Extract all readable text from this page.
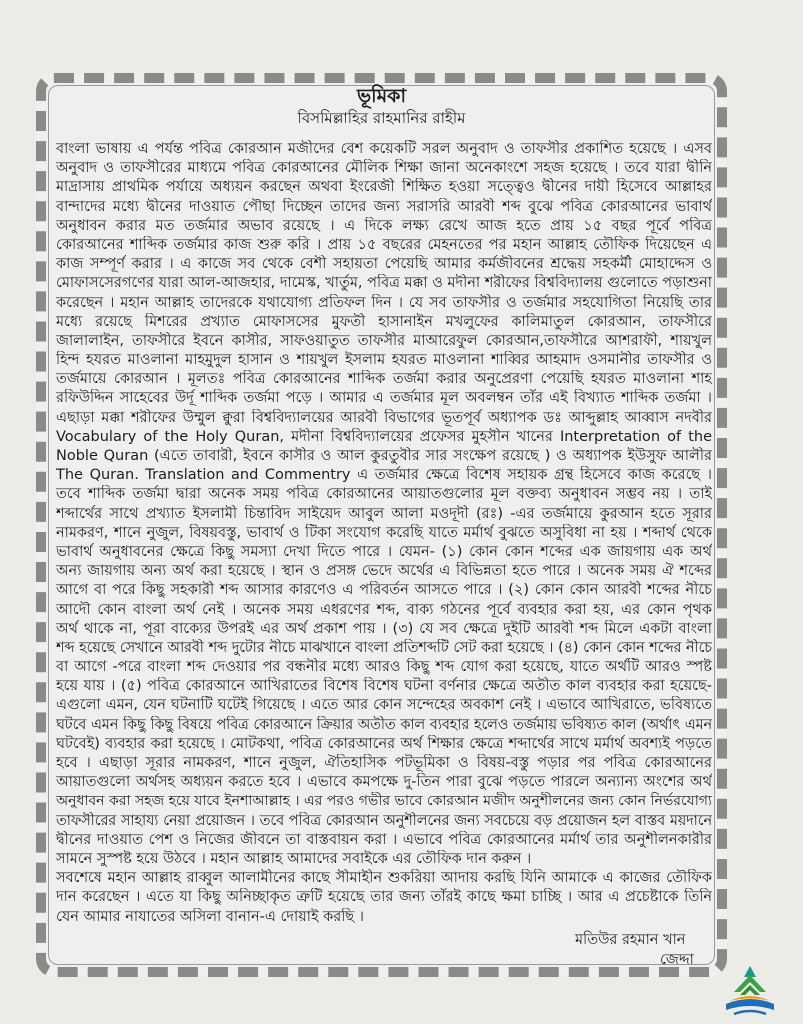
ভূমিকা
বিসমিল্লাহির রাহমানির রাহীম
বাংলা ভাষায় এ পর্যন্ত পবিত্র কোরআন মজীদের বেশ কয়েকটি সরল অনুবাদ ও তাফসীর প্রকাশিত হয়েছে । এসব
অনুবাদ ও তাফসীরের মাধ্যমে পবিত্র কোরআনের মৌলিক শিক্ষা জানা অনেকাংশে সহজ হয়েছে । তবে যারা দ্বীনি
মাদ্রাসায় প্রাথমিক পর্যায়ে অধ্যয়ন করছেন অথবা ইংরেজী শিক্ষিত হওয়া সত্ত্বেও দ্বীনের দায়ী হিসেবে আল্লাহর
বান্দাদের মধ্যে দ্বীনের দাওয়াত পৌছা দিচ্ছেন তাদের জন্য সরাসরি আরবী শব্দ বুঝে পবিত্র কোরআনের ভাবার্থ
অনুধাবন করার মত তর্জমার অভাব রয়েছে । এ দিকে লক্ষ্য রেখে আজ হতে প্রায় ১৫ বছর পূর্বে পবিত্র
কোরআনের শাব্দিক তর্জমার কাজ শুরু করি । প্রায় ১৫ বছরের মেহনতের পর মহান আল্লাহ তৌফিক দিয়েছেন এ
কাজ সম্পূর্ণ করার । এ কাজে সব থেকে বেশী সহায়তা পেয়েছি আমার কর্মজীবনের শ্রদ্ধেয় সহকর্মী মোহাদ্দেস ও
মোফাসসেরগণের যারা আল-আজহার, দামেস্ক, খার্তুম, পবিত্র মক্কা ও মদীনা শরীফের বিশ্ববিদ্যালয় গুলোতে পড়াশুনা
করেছেন । মহান আল্লাহ তাদেরকে যথাযোগ্য প্রতিফল দিন । যে সব তাফসীর ও তর্জমার সহযোগিতা নিয়েছি তার
মধ্যে রয়েছে মিশরের প্রখ্যাত মোফাসসের মুফতী হাসানাইন মখলুফের কালিমাতুল কোরআন, তাফসীরে
জালালাইন, তাফসীরে ইবনে কাসীর, সাফওয়াতুত তাফসীর মাআরেফুল কোরআন,তাফসীরে আশরাফী, শায়খুল
হিন্দ হযরত মাওলানা মাহমুদুল হাসান ও শায়খুল ইসলাম হযরত মাওলানা শাব্বির আহমাদ ওসমানীর তাফসীর ও
তর্জমায়ে কোরআন । মূলতঃ পবিত্র কোরআনের শাব্দিক তর্জমা করার অনুপ্রেরণা পেয়েছি হযরত মাওলানা শাহ
রফিউদ্দিন সাহেবের উর্দূ শাব্দিক তর্জমা পড়ে । আমার এ তর্জমার মূল অবলম্বন তাঁর এই বিখ্যাত শাব্দিক তর্জমা ।
এছাড়া মক্কা শরীফের উম্মুল ক্বুরা বিশ্ববিদ্যালয়ের আরবী বিভাগের ভূতপূর্ব অধ্যাপক ডঃ আব্দুল্লাহ আব্বাস নদবীর
Vocabulary of the Holy Quran, মদীনা বিশ্ববিদ্যালয়ের প্রফেসর মুহসীন খানের Interpretation of the
Noble Quran (এতে তাবারী, ইবনে কাসীর ও আল কুরতুবীর সার সংক্ষেপ রয়েছে ) ও অধ্যাপক ইউসুফ আলীর
The Quran. Translation and Commentry এ তর্জমার ক্ষেত্রে বিশেষ সহায়ক গ্রন্থ হিসেবে কাজ করেছে ।
তবে শাব্দিক তর্জমা দ্বারা অনেক সময় পবিত্র কোরআনের আয়াতগুলোর মূল বক্তব্য অনুধাবন সম্ভব নয় । তাই
শব্দার্থের সাথে প্রখ্যাত ইসলামী চিন্তাবিদ সাইয়েদ আবুল আলা মওদূদী (রঃ) -এর তর্জমায়ে কুরআন হতে সূরার
নামকরণ, শানে নুজুল, বিষয়বস্তু, ভাবার্থ ও টিকা সংযোগ করেছি যাতে মর্মার্থ বুঝতে অসুবিধা না হয় । শব্দার্থ থেকে
ভাবার্থ অনুধাবনের ক্ষেত্রে কিছু সমস্যা দেখা দিতে পারে । যেমন- (১) কোন কোন শব্দের এক জায়গায় এক অর্থ
অন্য জায়গায় অন্য অর্থ করা হয়েছে । স্থান ও প্রসঙ্গ ভেদে অর্থের এ বিভিন্নতা হতে পারে । অনেক সময় ঐ শব্দের
আগে বা পরে কিছু সহকারী শব্দ আসার কারণেও এ পরিবর্তন আসতে পারে । (২) কোন কোন আরবী শব্দের নীচে
আদৌ কোন বাংলা অর্থ নেই । অনেক সময় এধরণের শব্দ, বাক্য গঠনের পূর্বে ব্যবহার করা হয়, এর কোন পৃথক
অর্থ থাকে না, পূরা বাক্যের উপরই এর অর্থ প্রকাশ পায় । (৩) যে সব ক্ষেত্রে দুইটি আরবী শব্দ মিলে একটা বাংলা
শব্দ হয়েছে সেখানে আরবী শব্দ দুটোর নীচে মাঝখানে বাংলা প্রতিশব্দটি সেট করা হয়েছে । (৪) কোন কোন শব্দের নীচে
বা আগে -পরে বাংলা শব্দ দেওয়ার পর বন্ধনীর মধ্যে আরও কিছু শব্দ যোগ করা হয়েছে, যাতে অর্থটি আরও স্পষ্ট
হয়ে যায় । (৫) পবিত্র কোরআনে আখিরাতের বিশেষ বিশেষ ঘটনা বর্ণনার ক্ষেত্রে অতীত কাল ব্যবহার করা হয়েছে-
এগুলো এমন, যেন ঘটনাটি ঘটেই গিয়েছে । এতে আর কোন সন্দেহের অবকাশ নেই । এভাবে আখিরাতে, ভবিষ্যতে
ঘটবে এমন কিছু কিছু বিষয়ে পবিত্র কোরআনে ক্রিয়ার অতীত কাল ব্যবহার হলেও তর্জমায় ভবিষ্যত কাল (অর্থাৎ এমন
ঘটবেই) ব্যবহার করা হয়েছে । মোটকথা, পবিত্র কোরআনের অর্থ শিক্ষার ক্ষেত্রে শব্দার্থের সাথে মর্মার্থ অবশ্যই পড়তে
হবে । এছাড়া সূরার নামকরণ, শানে নুজুল, ঐতিহাসিক পটভূমিকা ও বিষয়-বস্তু পড়ার পর পবিত্র কোরআনের
আয়াতগুলো অর্থসহ অধ্যয়ন করতে হবে । এভাবে কমপক্ষে দু-তিন পারা বুঝে পড়তে পারলে অন্যান্য অংশের অর্থ
অনুধাবন করা সহজ হয়ে যাবে ইনশাআল্লাহ । এর পরও গভীর ভাবে কোরআন মজীদ অনুশীলনের জন্য কোন নির্ভরযোগ্য
তাফসীরের সাহায্য নেয়া প্রয়োজন । তবে পবিত্র কোরআন অনুশীলনের জন্য সবচেয়ে বড় প্রয়োজন হল বাস্তব ময়দানে
দ্বীনের দাওয়াত পেশ ও নিজের জীবনে তা বাস্তবায়ন করা । এভাবে পবিত্র কোরআনের মর্মার্থ তার অনুশীলনকারীর
সামনে সুস্পষ্ট হয়ে উঠবে । মহান আল্লাহ আমাদের সবাইকে এর তৌফিক দান করুন ।
সবশেষে মহান আল্লাহ রাব্বুল আলামীনের কাছে সীমাহীন শুকরিয়া আদায় করছি যিনি আমাকে এ কাজের তৌফিক
দান করেছেন । এতে যা কিছু অনিচ্ছাকৃত ত্রুটি হয়েছে তার জন্য তাঁরই কাছে ক্ষমা চাচ্ছি । আর এ প্রচেষ্টাকে তিনি
যেন আমার নাযাতের অসিলা বানান-এ দোয়াই করছি ।
মতিউর রহমান খান
জেদ্দা
